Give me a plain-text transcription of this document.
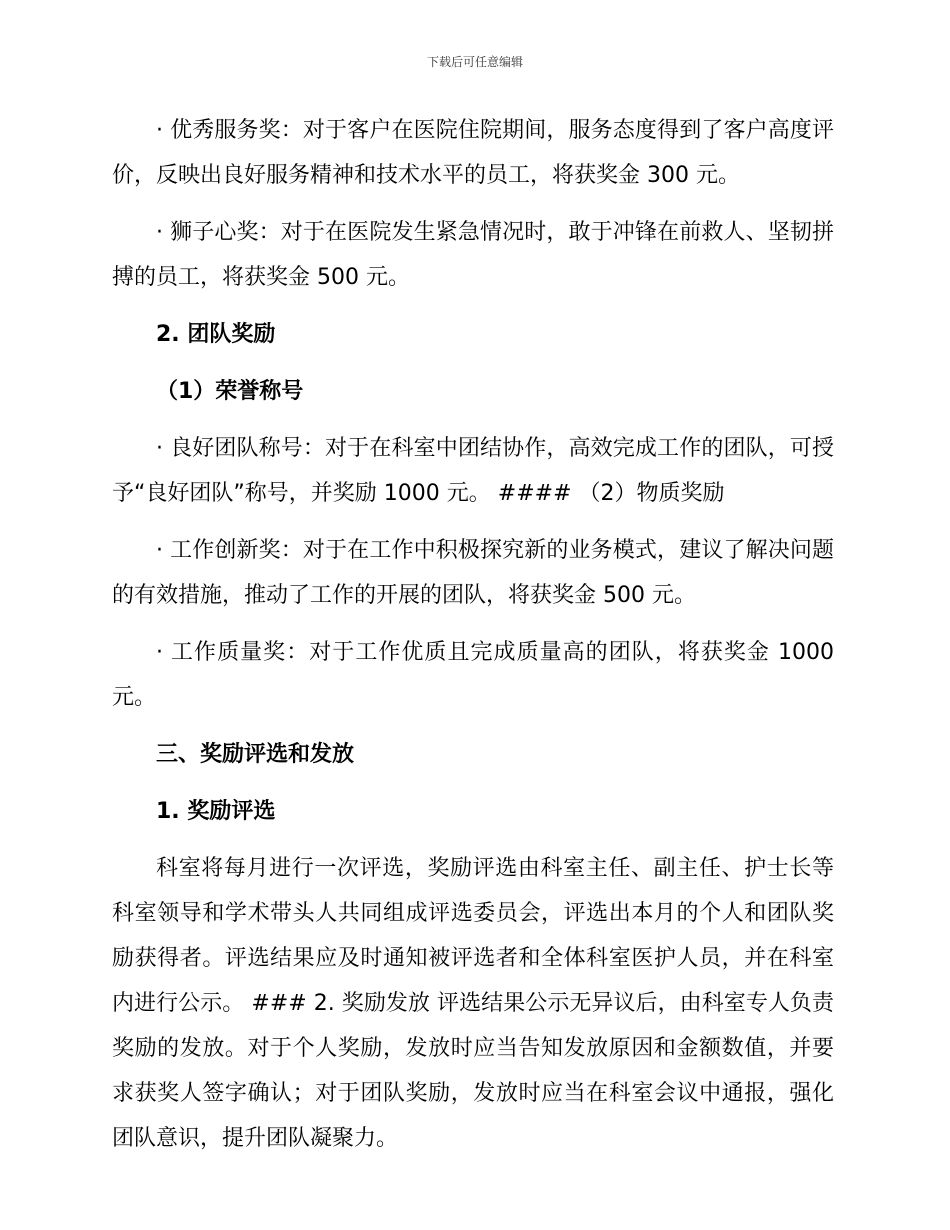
下载后可任意编辑

· 优秀服务奖：对于客户在医院住院期间，服务态度得到了客户高度评价，反映出良好服务精神和技术水平的员工，将获奖金 300 元。

· 狮子心奖：对于在医院发生紧急情况时，敢于冲锋在前救人、坚韧拼搏的员工，将获奖金 500 元。

2. 团队奖励

（1）荣誉称号

· 良好团队称号：对于在科室中团结协作，高效完成工作的团队，可授予“良好团队”称号，并奖励 1000 元。 #### （2）物质奖励

· 工作创新奖：对于在工作中积极探究新的业务模式，建议了解决问题的有效措施，推动了工作的开展的团队，将获奖金 500 元。

· 工作质量奖：对于工作优质且完成质量高的团队，将获奖金 1000 元。

三、奖励评选和发放

1. 奖励评选

科室将每月进行一次评选，奖励评选由科室主任、副主任、护士长等科室领导和学术带头人共同组成评选委员会，评选出本月的个人和团队奖励获得者。评选结果应及时通知被评选者和全体科室医护人员，并在科室内进行公示。 ### 2. 奖励发放 评选结果公示无异议后，由科室专人负责奖励的发放。对于个人奖励，发放时应当告知发放原因和金额数值，并要求获奖人签字确认；对于团队奖励，发放时应当在科室会议中通报，强化团队意识，提升团队凝聚力。
